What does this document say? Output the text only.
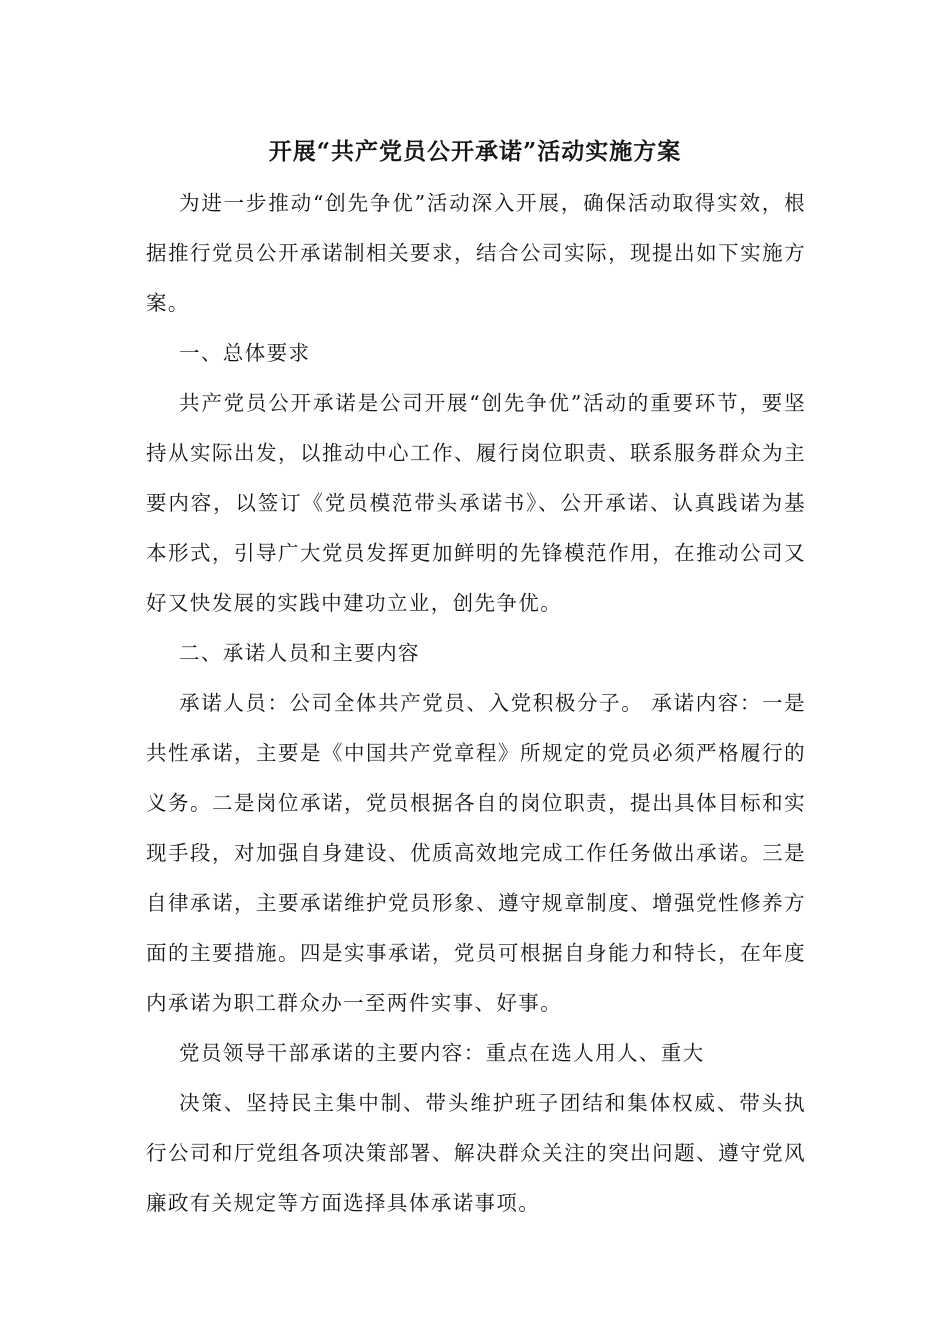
开展“共产党员公开承诺”活动实施方案

为进一步推动“创先争优”活动深入开展，确保活动取得实效，根据推行党员公开承诺制相关要求，结合公司实际，现提出如下实施方案。

一、总体要求

共产党员公开承诺是公司开展“创先争优”活动的重要环节，要坚持从实际出发，以推动中心工作、履行岗位职责、联系服务群众为主要内容，以签订《党员模范带头承诺书》、公开承诺、认真践诺为基本形式，引导广大党员发挥更加鲜明的先锋模范作用，在推动公司又好又快发展的实践中建功立业，创先争优。

二、承诺人员和主要内容

承诺人员：公司全体共产党员、入党积极分子。 承诺内容：一是共性承诺，主要是《中国共产党章程》所规定的党员必须严格履行的义务。二是岗位承诺，党员根据各自的岗位职责，提出具体目标和实现手段，对加强自身建设、优质高效地完成工作任务做出承诺。三是自律承诺，主要承诺维护党员形象、遵守规章制度、增强党性修养方面的主要措施。四是实事承诺，党员可根据自身能力和特长，在年度内承诺为职工群众办一至两件实事、好事。

党员领导干部承诺的主要内容：重点在选人用人、重大

决策、坚持民主集中制、带头维护班子团结和集体权威、带头执行公司和厅党组各项决策部署、解决群众关注的突出问题、遵守党风廉政有关规定等方面选择具体承诺事项。
